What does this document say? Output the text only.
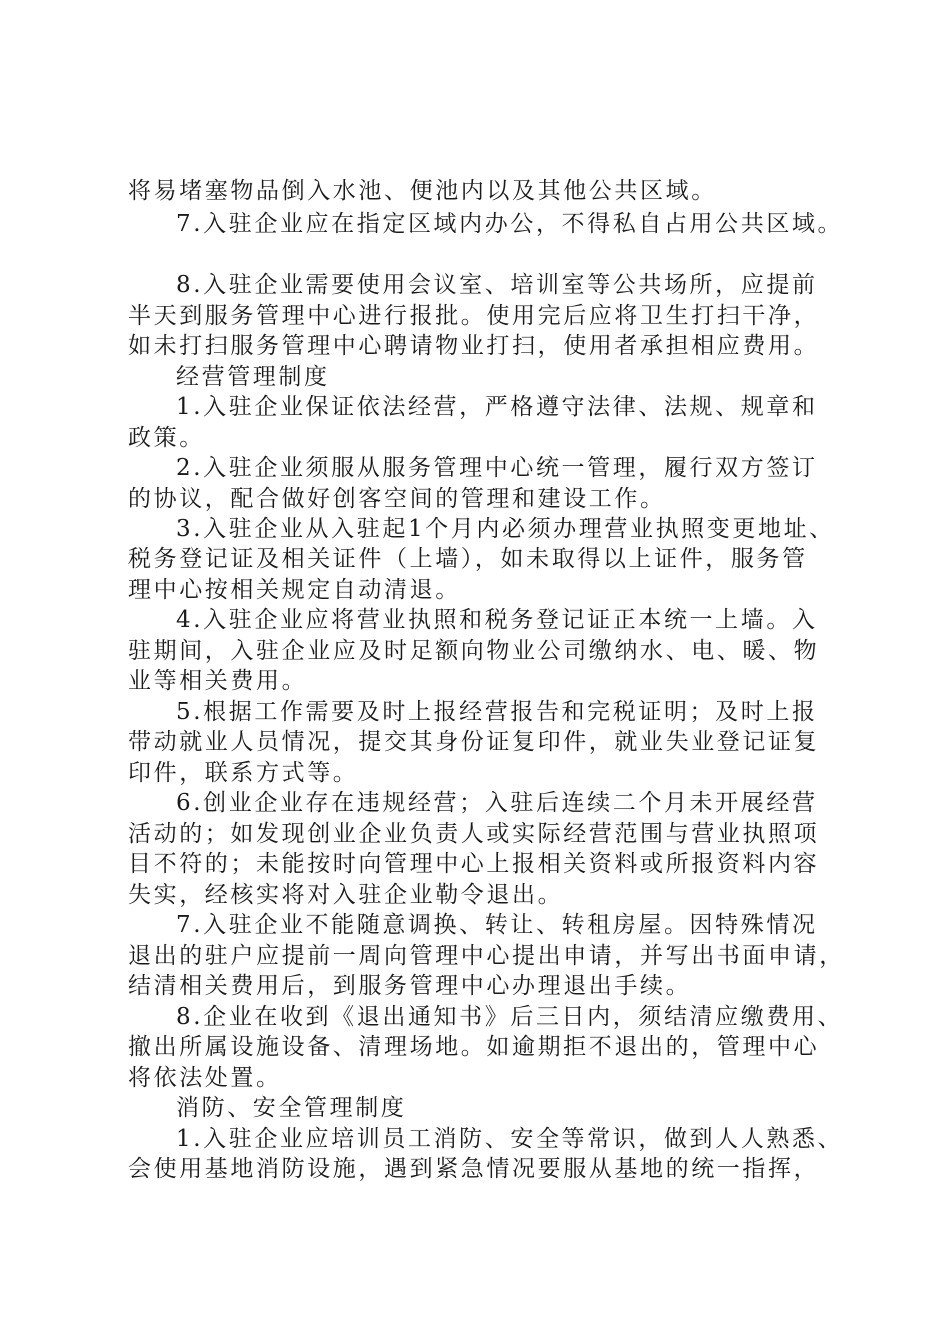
将易堵塞物品倒入水池、便池内以及其他公共区域。
7.入驻企业应在指定区域内办公，不得私自占用公共区域。
8.入驻企业需要使用会议室、培训室等公共场所，应提前
半天到服务管理中心进行报批。使用完后应将卫生打扫干净，
如未打扫服务管理中心聘请物业打扫，使用者承担相应费用。
经营管理制度
1.入驻企业保证依法经营，严格遵守法律、法规、规章和
政策。
2.入驻企业须服从服务管理中心统一管理，履行双方签订
的协议，配合做好创客空间的管理和建设工作。
3.入驻企业从入驻起1个月内必须办理营业执照变更地址、
税务登记证及相关证件（上墙），如未取得以上证件，服务管
理中心按相关规定自动清退。
4.入驻企业应将营业执照和税务登记证正本统一上墙。入
驻期间，入驻企业应及时足额向物业公司缴纳水、电、暖、物
业等相关费用。
5.根据工作需要及时上报经营报告和完税证明；及时上报
带动就业人员情况，提交其身份证复印件，就业失业登记证复
印件，联系方式等。
6.创业企业存在违规经营；入驻后连续二个月未开展经营
活动的；如发现创业企业负责人或实际经营范围与营业执照项
目不符的；未能按时向管理中心上报相关资料或所报资料内容
失实，经核实将对入驻企业勒令退出。
7.入驻企业不能随意调换、转让、转租房屋。因特殊情况
退出的驻户应提前一周向管理中心提出申请，并写出书面申请，
结清相关费用后，到服务管理中心办理退出手续。
8.企业在收到《退出通知书》后三日内，须结清应缴费用、
撤出所属设施设备、清理场地。如逾期拒不退出的，管理中心
将依法处置。
消防、安全管理制度
1.入驻企业应培训员工消防、安全等常识，做到人人熟悉、
会使用基地消防设施，遇到紧急情况要服从基地的统一指挥，
